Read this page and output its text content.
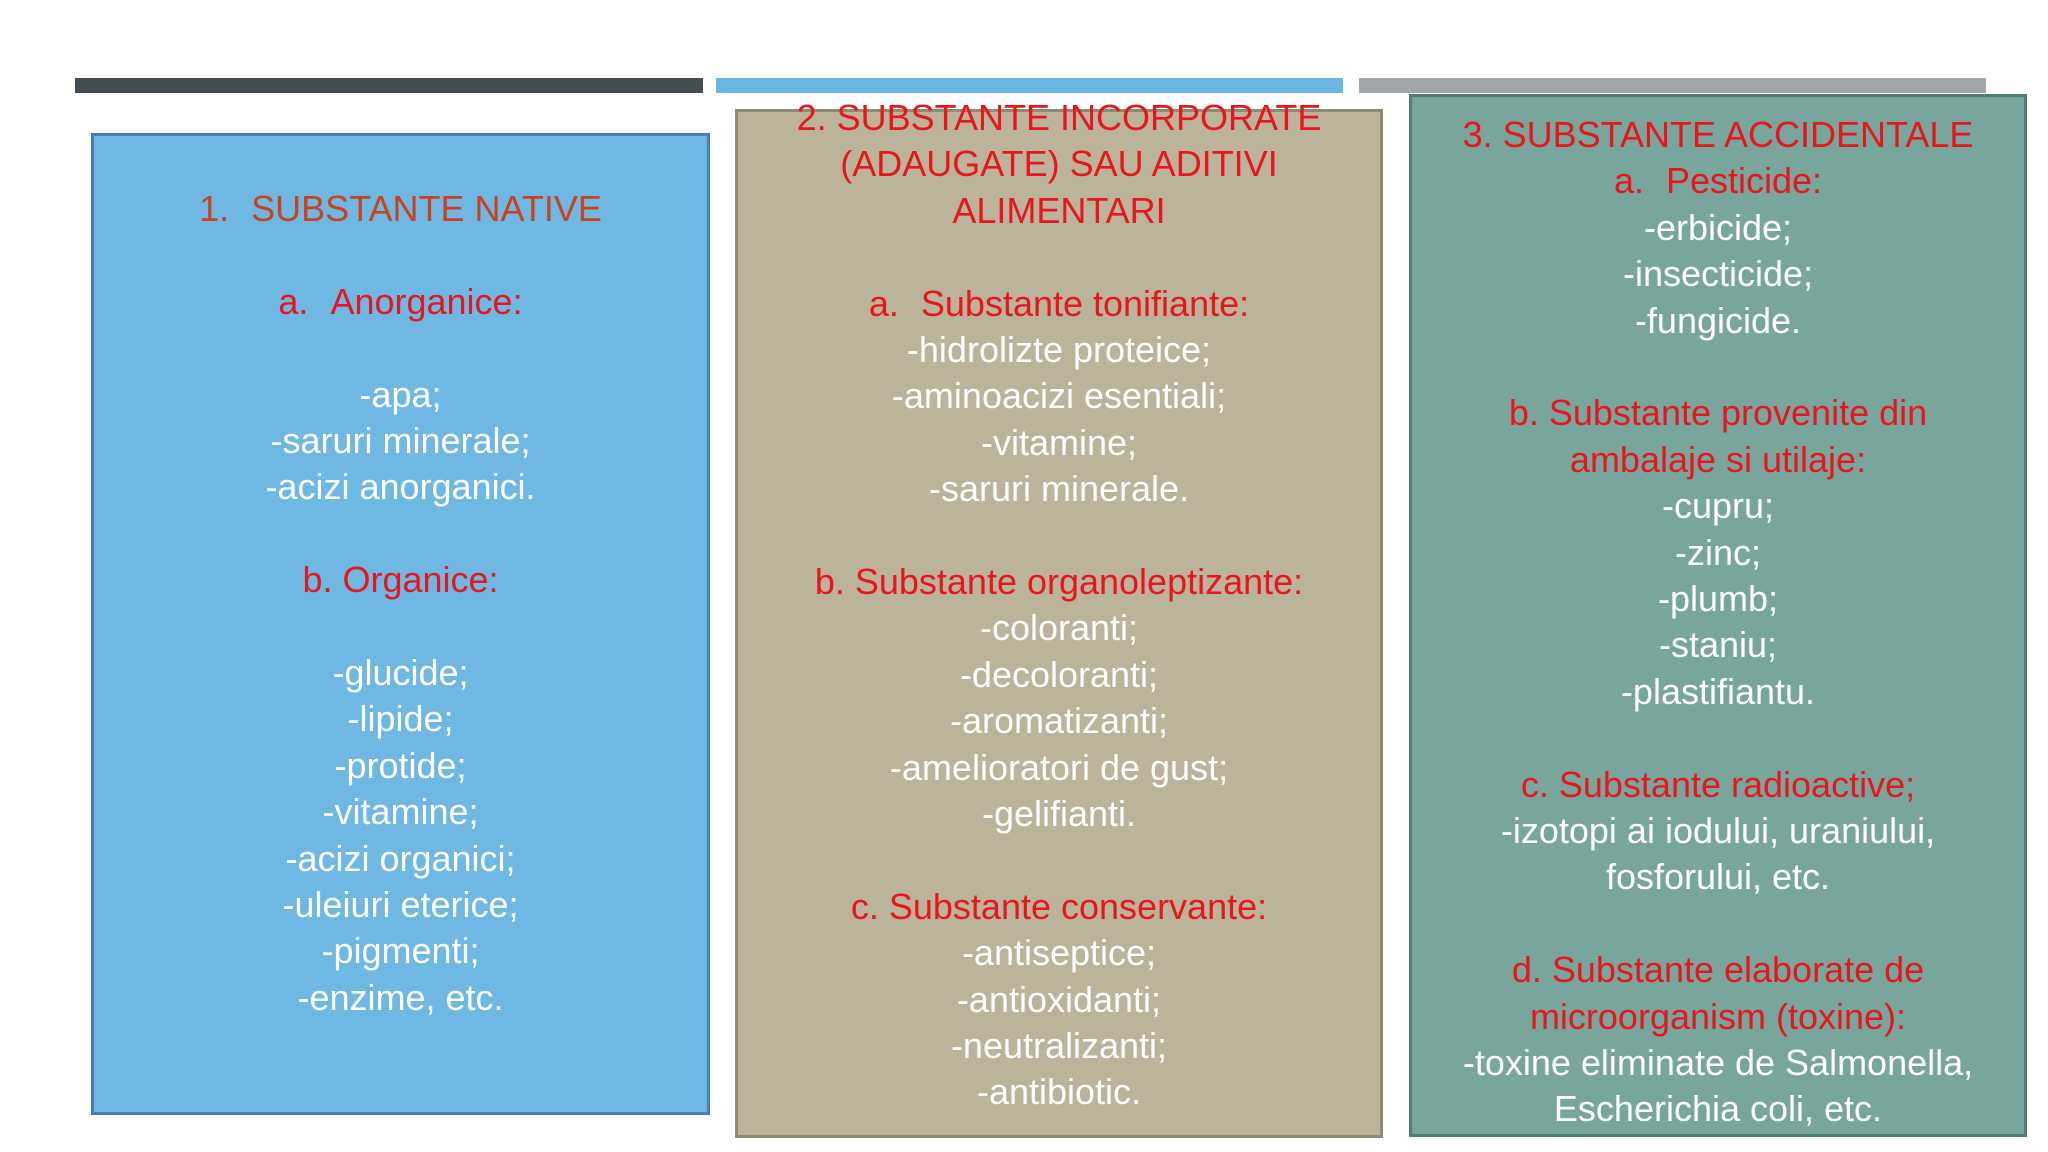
1. SUBSTANTE NATIVE
a. Anorganice:
-apa;
-saruri minerale;
-acizi anorganici.
b. Organice:
-glucide;
-lipide;
-protide;
-vitamine;
-acizi organici;
-uleiuri eterice;
-pigmenti;
-enzime, etc.
2. SUBSTANTE INCORPORATE
(ADAUGATE) SAU ADITIVI
ALIMENTARI
a. Substante tonifiante:
-hidrolizte proteice;
-aminoacizi esentiali;
-vitamine;
-saruri minerale.
b. Substante organoleptizante:
-coloranti;
-decoloranti;
-aromatizanti;
-amelioratori de gust;
-gelifianti.
c. Substante conservante:
-antiseptice;
-antioxidanti;
-neutralizanti;
-antibiotic.
3. SUBSTANTE ACCIDENTALE
a. Pesticide:
-erbicide;
-insecticide;
-fungicide.
b. Substante provenite din
ambalaje si utilaje:
-cupru;
-zinc;
-plumb;
-staniu;
-plastifiantu.
c. Substante radioactive;
-izotopi ai iodului, uraniului,
fosforului, etc.
d. Substante elaborate de
microorganism (toxine):
-toxine eliminate de Salmonella,
Escherichia coli, etc.
